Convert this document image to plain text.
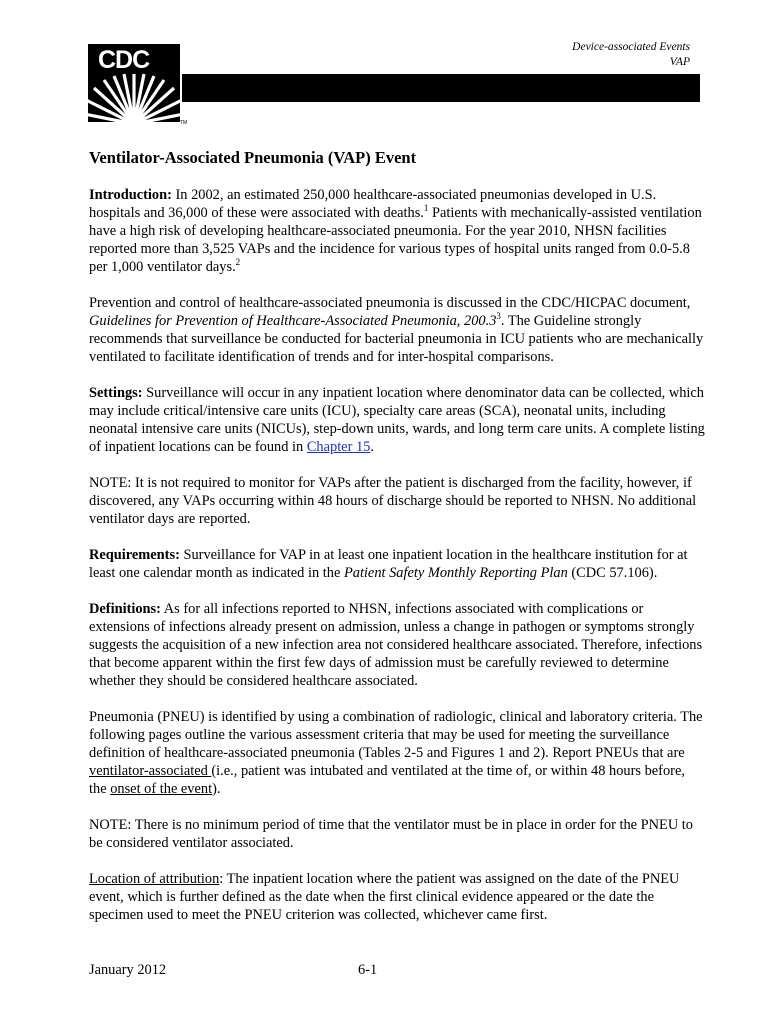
CDC
TM
Device-associated Events
VAP
Ventilator-Associated Pneumonia (VAP) Event

Introduction: In 2002, an estimated 250,000 healthcare-associated pneumonias developed in U.S. hospitals and 36,000 of these were associated with deaths.$^1$ Patients with mechanically-assisted ventilation have a high risk of developing healthcare-associated pneumonia. For the year 2010, NHSN facilities reported more than 3,525 VAPs and the incidence for various types of hospital units ranged from 0.0-5.8 per 1,000 ventilator days.$^2$

Prevention and control of healthcare-associated pneumonia is discussed in the CDC/HICPAC document, Guidelines for Prevention of Healthcare-Associated Pneumonia, 200.3$^3$. The Guideline strongly recommends that surveillance be conducted for bacterial pneumonia in ICU patients who are mechanically ventilated to facilitate identification of trends and for inter-hospital comparisons.

Settings: Surveillance will occur in any inpatient location where denominator data can be collected, which may include critical/intensive care units (ICU), specialty care areas (SCA), neonatal units, including neonatal intensive care units (NICUs), step-down units, wards, and long term care units. A complete listing of inpatient locations can be found in Chapter 15.

NOTE: It is not required to monitor for VAPs after the patient is discharged from the facility, however, if discovered, any VAPs occurring within 48 hours of discharge should be reported to NHSN. No additional ventilator days are reported.

Requirements: Surveillance for VAP in at least one inpatient location in the healthcare institution for at least one calendar month as indicated in the Patient Safety Monthly Reporting Plan (CDC 57.106).

Definitions: As for all infections reported to NHSN, infections associated with complications or extensions of infections already present on admission, unless a change in pathogen or symptoms strongly suggests the acquisition of a new infection area not considered healthcare associated. Therefore, infections that become apparent within the first few days of admission must be carefully reviewed to determine whether they should be considered healthcare associated.

Pneumonia (PNEU) is identified by using a combination of radiologic, clinical and laboratory criteria. The following pages outline the various assessment criteria that may be used for meeting the surveillance definition of healthcare-associated pneumonia (Tables 2-5 and Figures 1 and 2). Report PNEUs that are ventilator-associated (i.e., patient was intubated and ventilated at the time of, or within 48 hours before, the onset of the event).

NOTE: There is no minimum period of time that the ventilator must be in place in order for the PNEU to be considered ventilator associated.

Location of attribution: The inpatient location where the patient was assigned on the date of the PNEU event, which is further defined as the date when the first clinical evidence appeared or the date the specimen used to meet the PNEU criterion was collected, whichever came first.

January 2012	6-1
